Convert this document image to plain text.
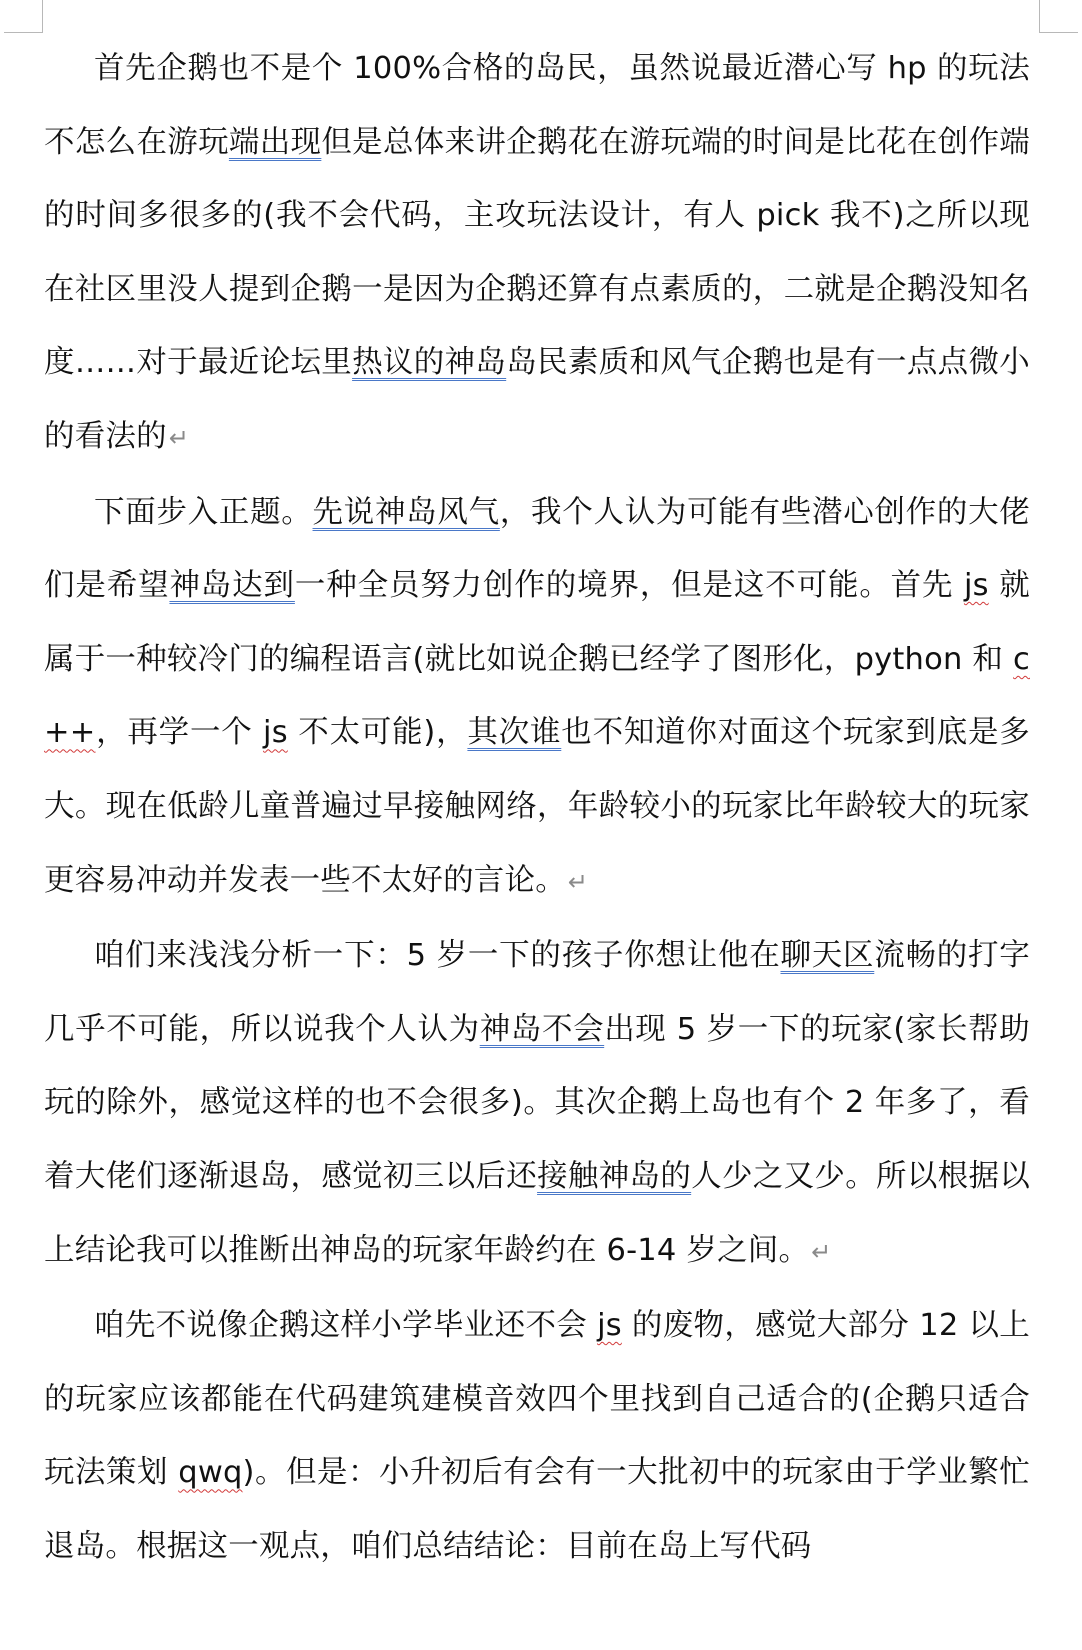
首先企鹅也不是个 100%合格的岛民，虽然说最近潜心写 hp 的玩法不怎么在游玩端出现但是总体来讲企鹅花在游玩端的时间是比花在创作端的时间多很多的(我不会代码，主攻玩法设计，有人 pick 我不)之所以现在社区里没人提到企鹅一是因为企鹅还算有点素质的，二就是企鹅没知名度……对于最近论坛里热议的神岛岛民素质和风气企鹅也是有一点点微小的看法的↵

下面步入正题。先说神岛风气，我个人认为可能有些潜心创作的大佬们是希望神岛达到一种全员努力创作的境界，但是这不可能。首先 js 就属于一种较冷门的编程语言(就比如说企鹅已经学了图形化，python 和 c++，再学一个 js 不太可能)，其次谁也不知道你对面这个玩家到底是多大。现在低龄儿童普遍过早接触网络，年龄较小的玩家比年龄较大的玩家更容易冲动并发表一些不太好的言论。↵

咱们来浅浅分析一下：5 岁一下的孩子你想让他在聊天区流畅的打字几乎不可能，所以说我个人认为神岛不会出现 5 岁一下的玩家(家长帮助玩的除外，感觉这样的也不会很多)。其次企鹅上岛也有个 2 年多了，看着大佬们逐渐退岛，感觉初三以后还接触神岛的人少之又少。所以根据以上结论我可以推断出神岛的玩家年龄约在 6-14 岁之间。↵

咱先不说像企鹅这样小学毕业还不会 js 的废物，感觉大部分 12 以上的玩家应该都能在代码建筑建模音效四个里找到自己适合的(企鹅只适合玩法策划 qwq)。但是：小升初后有会有一大批初中的玩家由于学业繁忙退岛。根据这一观点，咱们总结结论：目前在岛上写代码
